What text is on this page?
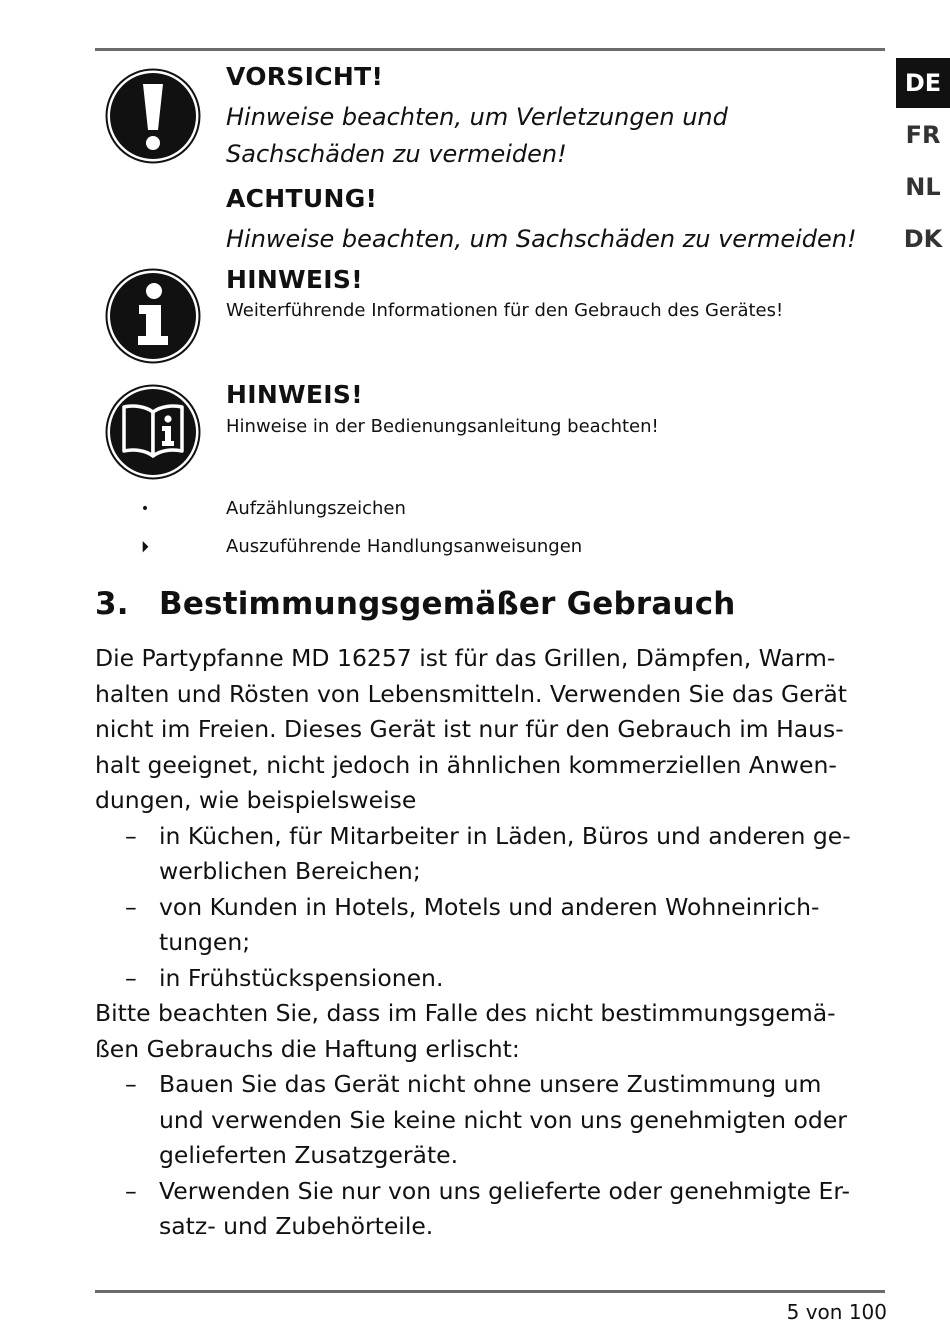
DE
FR
NL
DK
VORSICHT!
Hinweise beachten, um Verletzungen und Sachschäden zu vermeiden!
ACHTUNG!
Hinweise beachten, um Sachschäden zu vermeiden!
HINWEIS!
Weiterführende Informationen für den Gebrauch des Gerätes!
HINWEIS!
Hinweise in der Bedienungsanleitung beachten!
•	Aufzählungszeichen
⏵	Auszuführende Handlungsanweisungen
3. Bestimmungsgemäßer Gebrauch

Die Partypfanne MD 16257 ist für das Grillen, Dämpfen, Warm-
halten und Rösten von Lebensmitteln. Verwenden Sie das Gerät
nicht im Freien. Dieses Gerät ist nur für den Gebrauch im Haus-
halt geeignet, nicht jedoch in ähnlichen kommerziellen Anwen-
dungen, wie beispielsweise

– in Küchen, für Mitarbeiter in Läden, Büros und anderen ge-
werblichen Bereichen;
– von Kunden in Hotels, Motels und anderen Wohneinrich-
tungen;
– in Frühstückspensionen.

Bitte beachten Sie, dass im Falle des nicht bestimmungsgemä-
ßen Gebrauchs die Haftung erlischt:

– Bauen Sie das Gerät nicht ohne unsere Zustimmung um
und verwenden Sie keine nicht von uns genehmigten oder
gelieferten Zusatzgeräte.
– Verwenden Sie nur von uns gelieferte oder genehmigte Er-
satz- und Zubehörteile.
5 von 100
